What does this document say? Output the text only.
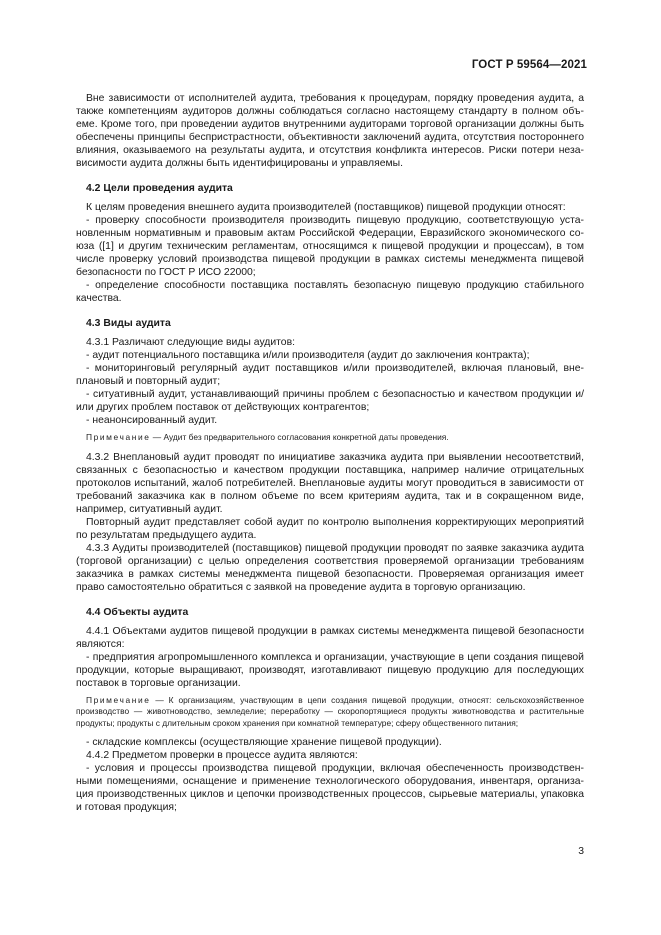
ГОСТ Р 59564—2021

Вне зависимости от исполнителей аудита, требования к процедурам, порядку проведения аудита, а также компетенциям аудиторов должны соблюдаться согласно настоящему стандарту в полном объеме. Кроме того, при проведении аудитов внутренними аудиторами торговой организации должны быть обеспечены принципы беспристрастности, объективности заключений аудита, отсутствия постороннего влияния, оказываемого на результаты аудита, и отсутствия конфликта интересов. Риски потери независимости аудита должны быть идентифицированы и управляемы.

4.2 Цели проведения аудита

К целям проведения внешнего аудита производителей (поставщиков) пищевой продукции относят:

- проверку способности производителя производить пищевую продукцию, соответствующую установленным нормативным и правовым актам Российской Федерации, Евразийского экономического союза ([1] и другим техническим регламентам, относящимся к пищевой продукции и процессам), в том числе проверку условий производства пищевой продукции в рамках системы менеджмента пищевой безопасности по ГОСТ Р ИСО 22000;

- определение способности поставщика поставлять безопасную пищевую продукцию стабильного качества.

4.3 Виды аудита

4.3.1 Различают следующие виды аудитов:

- аудит потенциального поставщика и/или производителя (аудит до заключения контракта);

- мониторинговый регулярный аудит поставщиков и/или производителей, включая плановый, внеплановый и повторный аудит;

- ситуативный аудит, устанавливающий причины проблем с безопасностью и качеством продукции и/или других проблем поставок от действующих контрагентов;

- неанонсированный аудит.

Примечание — Аудит без предварительного согласования конкретной даты проведения.

4.3.2 Внеплановый аудит проводят по инициативе заказчика аудита при выявлении несоответствий, связанных с безопасностью и качеством продукции поставщика, например наличие отрицательных протоколов испытаний, жалоб потребителей. Внеплановые аудиты могут проводиться в зависимости от требований заказчика как в полном объеме по всем критериям аудита, так и в сокращенном виде, например, ситуативный аудит.

Повторный аудит представляет собой аудит по контролю выполнения корректирующих мероприятий по результатам предыдущего аудита.

4.3.3 Аудиты производителей (поставщиков) пищевой продукции проводят по заявке заказчика аудита (торговой организации) с целью определения соответствия проверяемой организации требованиям заказчика в рамках системы менеджмента пищевой безопасности. Проверяемая организация имеет право самостоятельно обратиться с заявкой на проведение аудита в торговую организацию.

4.4 Объекты аудита

4.4.1 Объектами аудитов пищевой продукции в рамках системы менеджмента пищевой безопасности являются:

- предприятия агропромышленного комплекса и организации, участвующие в цепи создания пищевой продукции, которые выращивают, производят, изготавливают пищевую продукцию для последующих поставок в торговые организации.

Примечание — К организациям, участвующим в цепи создания пищевой продукции, относят: сельскохозяйственное производство — животноводство, земледелие; переработку — скоропортящиеся продукты животноводства и растительные продукты; продукты с длительным сроком хранения при комнатной температуре; сферу общественного питания;

- складские комплексы (осуществляющие хранение пищевой продукции).

4.4.2 Предметом проверки в процессе аудита являются:

- условия и процессы производства пищевой продукции, включая обеспеченность производственными помещениями, оснащение и применение технологического оборудования, инвентаря, организация производственных циклов и цепочки производственных процессов, сырьевые материалы, упаковка и готовая продукция;

3
